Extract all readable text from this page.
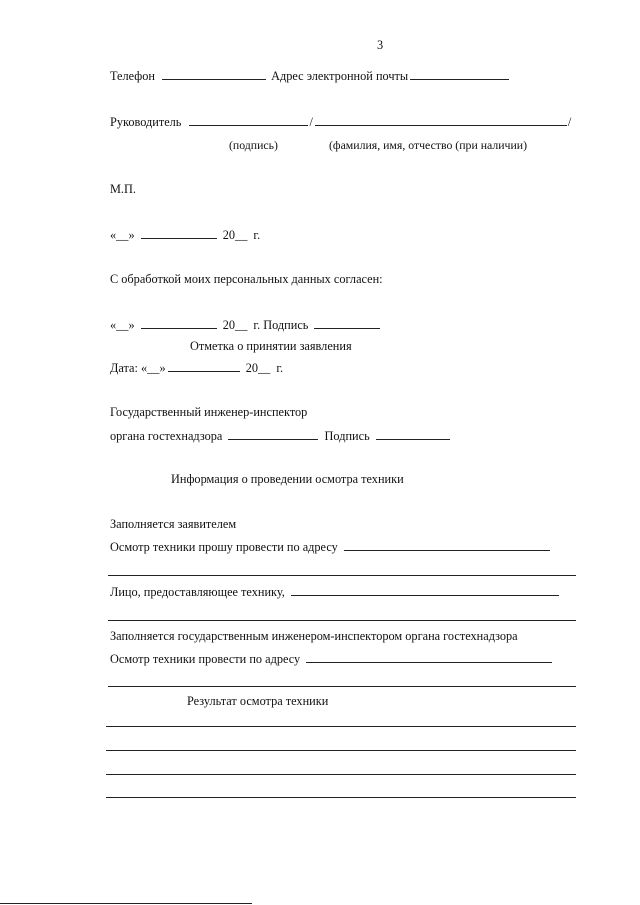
3
Телефон	Адрес электронной почты
Руководитель	/	/
(подпись)	(фамилия, имя, отчество (при наличии)
М.П.
«__»	20__ г.
С обработкой моих персональных данных согласен:
«__»	20__ г. Подпись
Отметка о принятии заявления
Дата: «__»	20__ г.
Государственный инженер-инспектор
органа гостехнадзора	Подпись
Информация о проведении осмотра техники
Заполняется заявителем
Осмотр техники прошу провести по адресу
Лицо, предоставляющее технику,
Заполняется государственным инженером-инспектором органа гостехнадзора
Осмотр техники провести по адресу
Результат осмотра техники
